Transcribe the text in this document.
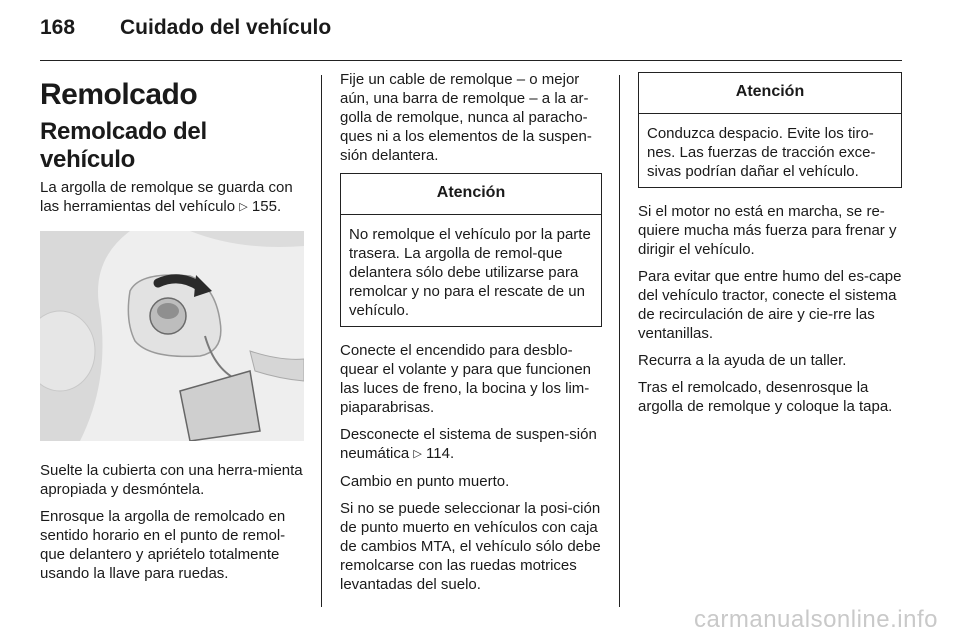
168 Cuidado del vehículo
Remolcado
Remolcado del vehículo

La argolla de remolque se guarda con las herramientas del vehículo ▷ 155.

Suelte la cubierta con una herra-mienta apropiada y desmóntela.

Enrosque la argolla de remolcado en sentido horario en el punto de remol-que delantero y apriételo totalmente usando la llave para ruedas.

Fije un cable de remolque – o mejor aún, una barra de remolque – a la ar-golla de remolque, nunca al paracho-ques ni a los elementos de la suspen-sión delantera.

Atención
No remolque el vehículo por la parte trasera. La argolla de remol-que delantera sólo debe utilizarse para remolcar y no para el rescate de un vehículo.

Conecte el encendido para desblo-quear el volante y para que funcionen las luces de freno, la bocina y los lim-piaparabrisas.

Desconecte el sistema de suspen-sión neumática ▷ 114.

Cambio en punto muerto.

Si no se puede seleccionar la posi-ción de punto muerto en vehículos con caja de cambios MTA, el vehículo sólo debe remolcarse con las ruedas motrices levantadas del suelo.

Atención
Conduzca despacio. Evite los tiro-nes. Las fuerzas de tracción exce-sivas podrían dañar el vehículo.

Si el motor no está en marcha, se re-quiere mucha más fuerza para frenar y dirigir el vehículo.

Para evitar que entre humo del es-cape del vehículo tractor, conecte el sistema de recirculación de aire y cie-rre las ventanillas.

Recurra a la ayuda de un taller.

Tras el remolcado, desenrosque la argolla de remolque y coloque la tapa.

carmanualsonline.info
